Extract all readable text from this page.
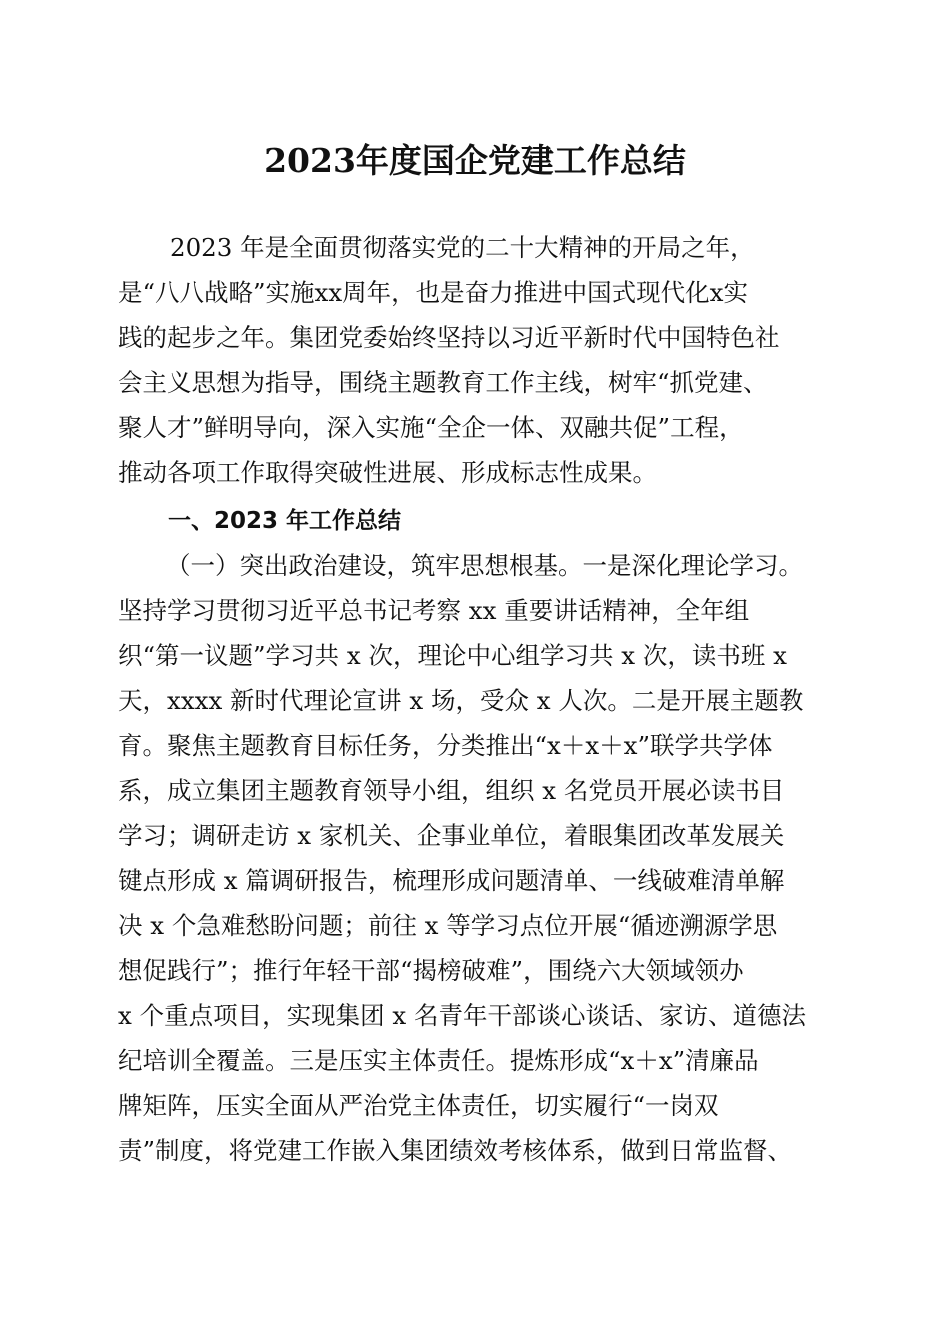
2023年度国企党建工作总结

2023 年是全面贯彻落实党的二十大精神的开局之年，

是“八八战略”实施xx周年，也是奋力推进中国式现代化x实

践的起步之年。集团党委始终坚持以习近平新时代中国特色社

会主义思想为指导，围绕主题教育工作主线，树牢“抓党建、

聚人才”鲜明导向，深入实施“全企一体、双融共促”工程，

推动各项工作取得突破性进展、形成标志性成果。

一、2023 年工作总结

（一）突出政治建设，筑牢思想根基。一是深化理论学习。

坚持学习贯彻习近平总书记考察 xx 重要讲话精神，全年组

织“第一议题”学习共 x 次，理论中心组学习共 x 次，读书班 x

天，xxxx 新时代理论宣讲 x 场，受众 x 人次。二是开展主题教

育。聚焦主题教育目标任务，分类推出“x＋x＋x”联学共学体

系，成立集团主题教育领导小组，组织 x 名党员开展必读书目

学习；调研走访 x 家机关、企事业单位，着眼集团改革发展关

键点形成 x 篇调研报告，梳理形成问题清单、一线破难清单解

决 x 个急难愁盼问题；前往 x 等学习点位开展“循迹溯源学思

想促践行”；推行年轻干部“揭榜破难”，围绕六大领域领办

x 个重点项目，实现集团 x 名青年干部谈心谈话、家访、道德法

纪培训全覆盖。三是压实主体责任。提炼形成“x＋x”清廉品

牌矩阵，压实全面从严治党主体责任，切实履行“一岗双

责”制度，将党建工作嵌入集团绩效考核体系，做到日常监督、
